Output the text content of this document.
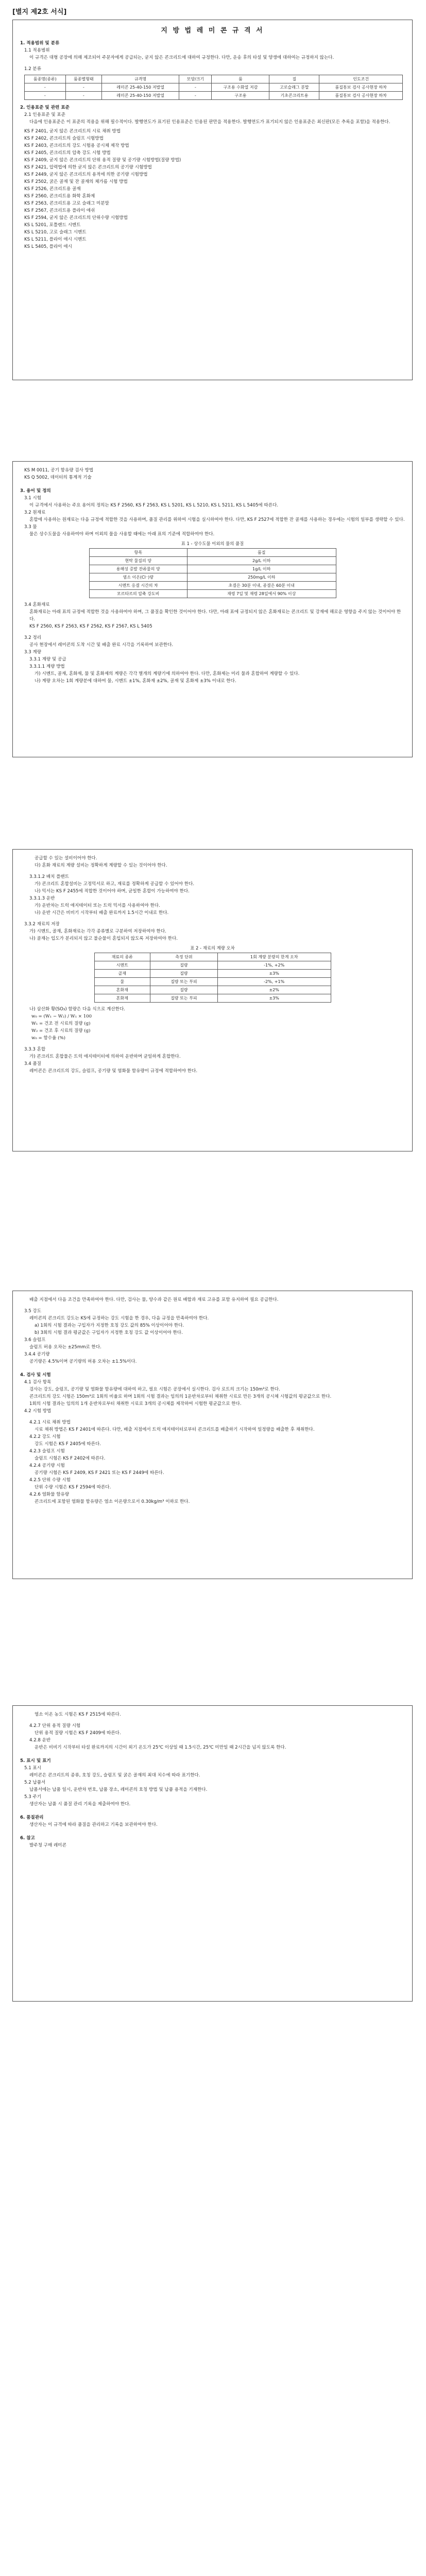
[별지 제2호 서식]
지 방 법 레 미 콘 규 격 서

1. 적용범위 및 분류

1.1 적용범위

이 규격은 대형 공장에 의해 제조되어 주문자에게 공급되는, 굳지 않은 콘크리트에 대하여 규정한다. 다만, 운송 후의 타설 및 양생에 대하여는 규정하지 않는다.

1.2 분류

품종명(종류)	품종별형태	규격명	모양/크기	품	질	인도조건
-	-	레미콘 25-40-150 저발열	-	구조용 수화열 저감	고로슬래그 분말	품질통보 검사 공사현장 하차
-	-	레미콘 25-40-150 저발열	-	구조용	기초콘크리트용	품질통보 검사 공사현장 하차

2. 인용표준 및 관련 표준

2.1 인용표준 및 표준

다음에 인용표준은 이 표준의 적용을 위해 필수적이다. 발행연도가 표기된 인용표준은 인용된 판만을 적용한다. 발행연도가 표기되지 않은 인용표준은 최신판(모든 추록을 포함)을 적용한다.

KS F 2401, 굳지 않은 콘크리트의 시료 채취 방법

KS F 2402, 콘크리트의 슬럼프 시험방법

KS F 2403, 콘크리트의 강도 시험용 공시체 제작 방법

KS F 2405, 콘크리트의 압축 강도 시험 방법

KS F 2409, 굳지 않은 콘크리트의 단위 용적 질량 및 공기량 시험방법(질량 방법)

KS F 2421, 압력법에 의한 굳지 않은 콘크리트의 공기량 시험방법

KS F 2449, 굳지 않은 콘크리트의 용적에 의한 공기량 시험방법

KS F 2502, 굵은 골재 및 잔 골재의 체가름 시험 방법

KS F 2526, 콘크리트용 골재

KS F 2560, 콘크리트용 화학 혼화제

KS F 2563, 콘크리트용 고로 슬래그 미분말

KS F 2567, 콘크리트용 플라이 애쉬

KS F 2594, 굳지 않은 콘크리트의 단위수량 시험방법

KS L 5201, 포틀랜드 시멘트

KS L 5210, 고로 슬래그 시멘트

KS L 5211, 플라이 애시 시멘트

KS L 5405, 플라이 애시

KS M 0011, 공기 함유량 검사 방법

KS Q 5002, 데이터의 통계적 기술

3. 용어 및 정의

3.1 시험

이 규격에서 사용하는 주요 용어의 정의는 KS F 2560, KS F 2563, KS L 5201, KS L 5210, KS L 5211, KS L 5405에 따른다.

3.2 원재료

혼합에 사용하는 원재료는 다음 규정에 적합한 것을 사용하며, 품질 관리를 위하여 시험을 실시하여야 한다. 다만, KS F 2527에 적합한 잔 골재를 사용하는 경우에는 시험의 일부를 생략할 수 있다.

3.3 물

물은 상수도물을 사용하여야 하며 이외의 물을 사용할 때에는 아래 표의 기준에 적합하여야 한다.

표 1 - 상수도물 이외의 물의 품질
항목	품질
현탁 물질의 양	2g/L 이하
용해성 증발 잔류물의 양	1g/L 이하
염소 이온(Cl⁻)량	250mg/L 이하
시멘트 응결 시간의 차	초결은 30분 이내, 종결은 60분 이내
모르타르의 압축 강도비	재령 7일 및 재령 28일에서 90% 이상

3.4 혼화재료

혼화재료는 아래 표의 규정에 적합한 것을 사용하여야 하며, 그 품질을 확인한 것이어야 한다. 다만, 아래 표에 규정되지 않은 혼화재료는 콘크리트 및 강재에 해로운 영향을 주지 않는 것이어야 한다.

KS F 2560, KS F 2563, KS F 2562, KS F 2567, KS L 5405

3.2 정리

공사 현장에서 레미콘의 도착 시간 및 배출 완료 시각을 기록하여 보관한다.

3.3 계량

3.3.1 계량 및 공급

3.3.1.1 계량 방법

가) 시멘트, 골재, 혼화재, 물 및 혼화제의 계량은 각각 별개의 계량기에 의하여야 한다. 다만, 혼화제는 미리 물과 혼합하여 계량할 수 있다.

나) 계량 오차는 1회 계량분에 대하여 물, 시멘트 ±1%, 혼화재 ±2%, 골재 및 혼화제 ±3% 이내로 한다.

공급할 수 있는 설비이어야 한다.

다) 혼화 재료의 계량 설비는 정확하게 계량할 수 있는 것이어야 한다.

3.3.1.2 배치 플랜트

가) 콘크리트 혼합설비는 고정믹서로 하고, 재료를 정확하게 공급할 수 있어야 한다.

나) 믹서는 KS F 2455에 적합한 것이어야 하며, 균일한 혼합이 가능하여야 한다.

3.3.1.3 운반

가) 운반차는 트럭 애지테이터 또는 트럭 믹서를 사용하여야 한다.

나) 운반 시간은 비비기 시작부터 배출 완료까지 1.5시간 이내로 한다.

3.3.2 재료의 저장

가) 시멘트, 골재, 혼화재료는 각각 종류별로 구분하여 저장하여야 한다.

나) 골재는 입도가 분리되지 않고 불순물이 혼입되지 않도록 저장하여야 한다.

표 2 - 재료의 계량 오차
재료의 종류	측정 단위	1회 계량 분량의 한계 오차
시멘트	질량	-1%, +2%
골재	질량	±3%
물	질량 또는 부피	-2%, +1%
혼화재	질량	±2%
혼화제	질량 또는 부피	±3%

나) 삼산화 황(SO₃) 함량은 다음 식으로 계산한다.

w₀ = (W₁ − W₂) / W₁ × 100

W₁ = 건조 전 시료의 질량 (g)

W₂ = 건조 후 시료의 질량 (g)

w₀ = 함수율 (%)

3.3.3 혼합

가) 콘크리트 혼합물은 트럭 애지테이터에 의하여 운반하며 균일하게 혼합한다.

3.4 품질

레미콘은 콘크리트의 강도, 슬럼프, 공기량 및 염화물 함유량이 규정에 적합하여야 한다.

배출 지점에서 다음 조건을 만족하여야 한다. 다만, 검사는 물, 양수과 같은 원료 배합과 재료 고유를 포함 유지하여 필요 공급한다.

3.5 강도

레미콘의 콘크리트 강도는 KS에 규정하는 강도 시험을 한 경우, 다음 규정을 만족하여야 한다.

a) 1회의 시험 결과는 구입자가 지정한 호칭 강도 값의 85% 이상이어야 한다.

b) 3회의 시험 결과 평균값은 구입자가 지정한 호칭 강도 값 이상이어야 한다.

3.6 슬럼프

슬럼프 허용 오차는 ±25mm로 한다.

3.4.4 공기량

공기량은 4.5%이며 공기량의 허용 오차는 ±1.5%이다.

4. 검사 및 시험

4.1 검사 항목

검사는 강도, 슬럼프, 공기량 및 염화물 함유량에 대하여 하고, 필요 시험은 공장에서 실시한다. 검사 로트의 크기는 150m³로 한다.

콘크리트의 강도 시험은 150m³로 1회의 비율로 하며 1회의 시험 결과는 임의의 1운반차로부터 채취한 시료로 만든 3개의 공시체 시험값의 평균값으로 한다.

1회의 시험 결과는 임의의 1개 운반차로부터 채취한 시료로 3개의 공시체를 제작하여 시험한 평균값으로 한다.

4.2 시험 방법

4.2.1 시료 채취 방법

시료 채취 방법은 KS F 2401에 따른다. 다만, 배출 지점에서 트럭 애지테이터로부터 콘크리트를 배출하기 시작하여 일정량을 배출한 후 채취한다.

4.2.2 강도 시험

강도 시험은 KS F 2405에 따른다.

4.2.3 슬럼프 시험

슬럼프 시험은 KS F 2402에 따른다.

4.2.4 공기량 시험

공기량 시험은 KS F 2409, KS F 2421 또는 KS F 2449에 따른다.

4.2.5 단위 수량 시험

단위 수량 시험은 KS F 2594에 따른다.

4.2.6 염화물 함유량

콘크리트에 포함된 염화물 함유량은 염소 이온량으로서 0.30kg/m³ 이하로 한다.

염소 이온 농도 시험은 KS F 2515에 따른다.

4.2.7 단위 용적 질량 시험

단위 용적 질량 시험은 KS F 2409에 따른다.

4.2.8 운반

운반은 비비기 시작부터 타설 완료까지의 시간이 외기 온도가 25℃ 이상일 때 1.5시간, 25℃ 미만일 때 2시간을 넘지 않도록 한다.

5. 표시 및 표기

5.1 표시

레미콘은 콘크리트의 종류, 호칭 강도, 슬럼프 및 굵은 골재의 최대 치수에 따라 표기한다.

5.2 납품서

납품서에는 납품 일시, 운반차 번호, 납품 장소, 레미콘의 호칭 방법 및 납품 용적을 기재한다.

5.3 주기

생산자는 납품 시 품질 관리 기록을 제출하여야 한다.

6. 품질관리

생산자는 이 규격에 따라 품질을 관리하고 기록을 보관하여야 한다.

6. 참고

발주청 구매 레미콘
